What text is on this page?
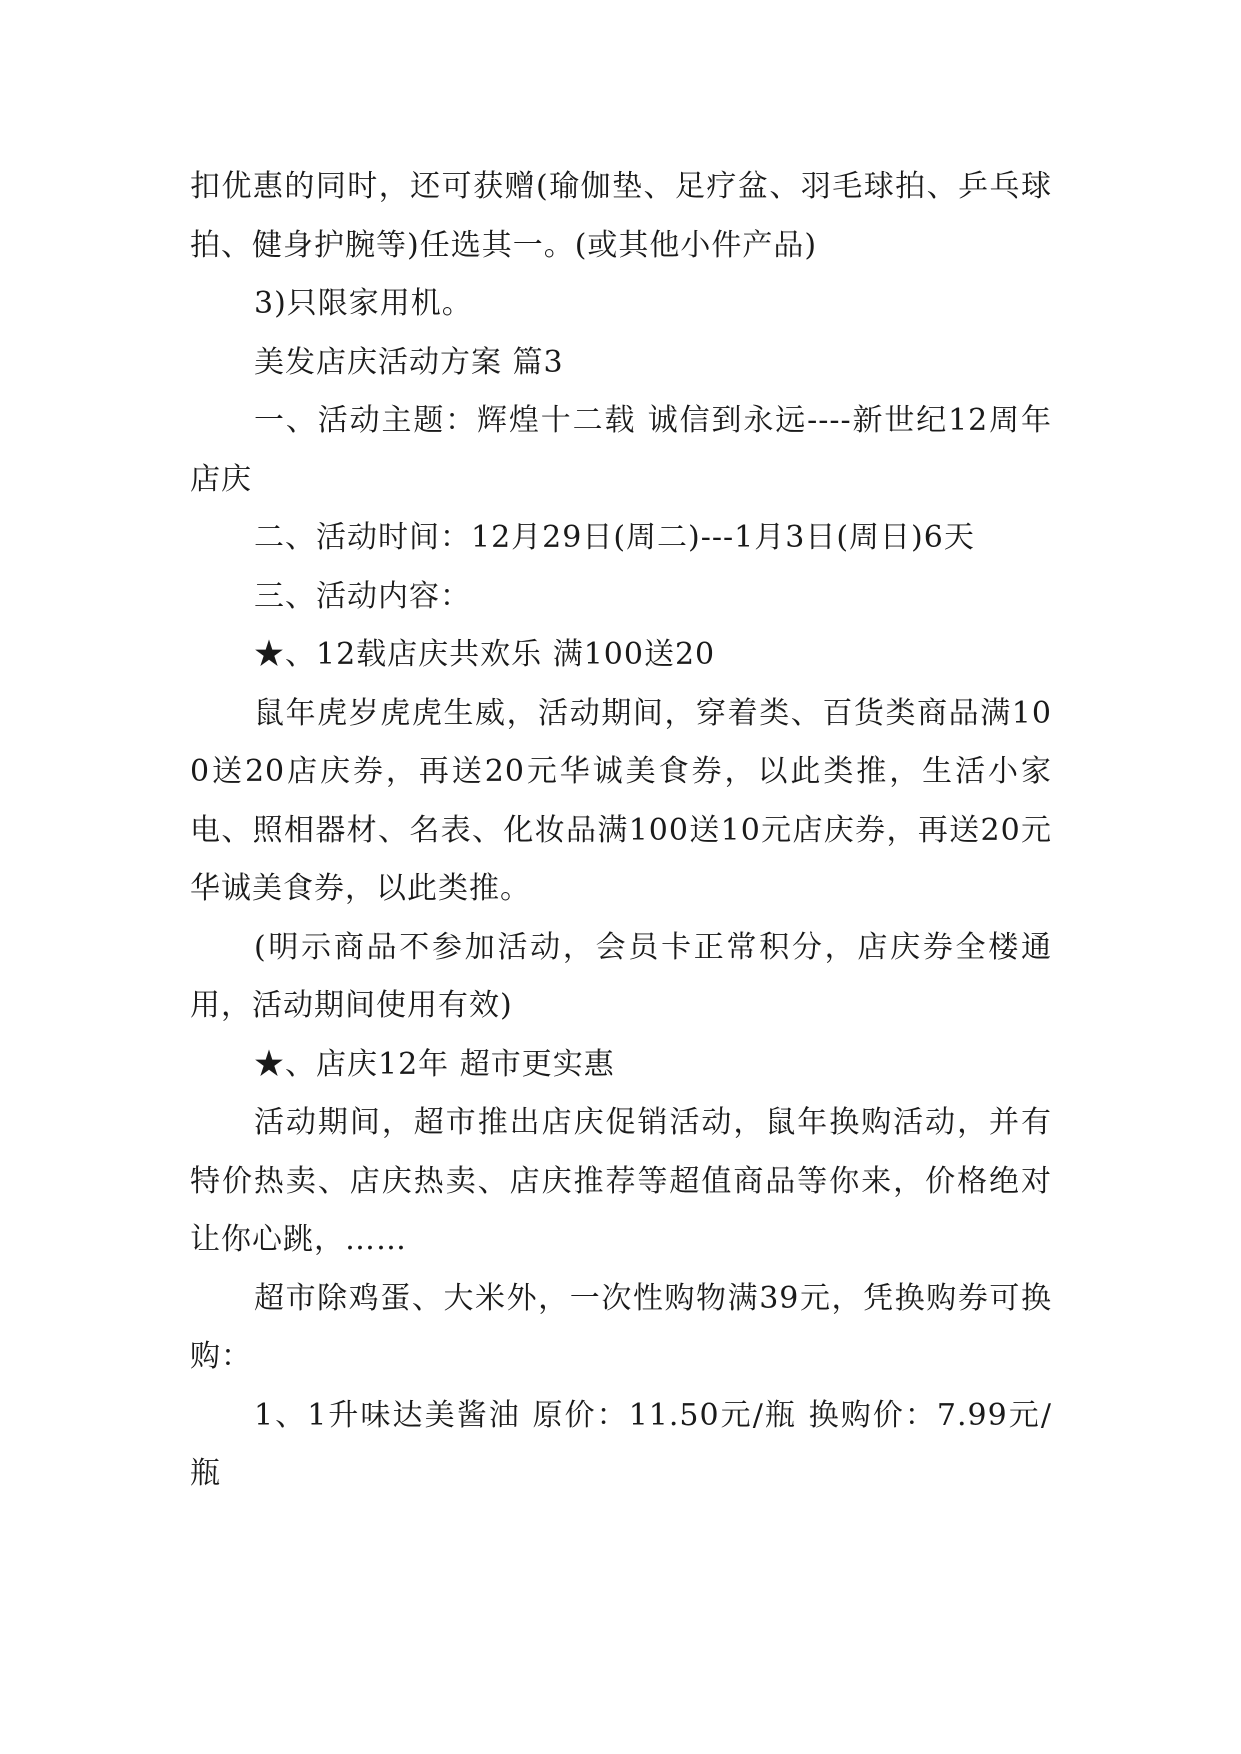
扣优惠的同时，还可获赠(瑜伽垫、足疗盆、羽毛球拍、乒乓球拍、健身护腕等)任选其一。(或其他小件产品)

3)只限家用机。

美发店庆活动方案 篇3

一、活动主题：辉煌十二载 诚信到永远----新世纪12周年店庆

二、活动时间：12月29日(周二)---1月3日(周日)6天

三、活动内容：

★、12载店庆共欢乐 满100送20

鼠年虎岁虎虎生威，活动期间，穿着类、百货类商品满100送20店庆券，再送20元华诚美食券，以此类推，生活小家电、照相器材、名表、化妆品满100送10元店庆券，再送20元华诚美食券，以此类推。

(明示商品不参加活动，会员卡正常积分，店庆券全楼通用，活动期间使用有效)

★、店庆12年 超市更实惠

活动期间，超市推出店庆促销活动，鼠年换购活动，并有特价热卖、店庆热卖、店庆推荐等超值商品等你来，价格绝对让你心跳，……

超市除鸡蛋、大米外，一次性购物满39元，凭换购券可换购：

1、1升味达美酱油 原价：11.50元/瓶 换购价：7.99元/瓶
